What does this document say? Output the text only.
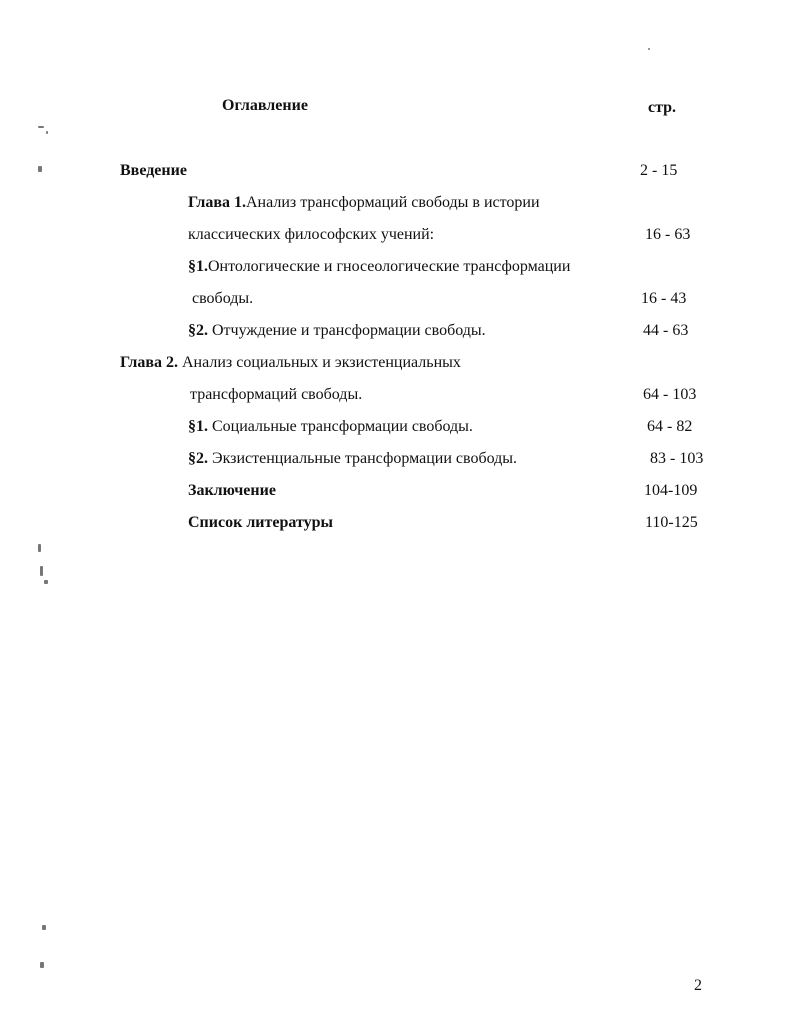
Оглавление	стр.
Введение	2 - 15
Глава 1.Анализ трансформаций свободы в истории
классических философских учений:	16 - 63
§1.Онтологические и гносеологические трансформации
свободы.	16 - 43
§2. Отчуждение и трансформации свободы.	44 - 63
Глава 2. Анализ социальных и экзистенциальных
трансформаций свободы.	64 - 103
§1. Социальные трансформации свободы.	64 - 82
§2. Экзистенциальные трансформации свободы.	83 - 103
Заключение	104-109
Список литературы	110-125
2
